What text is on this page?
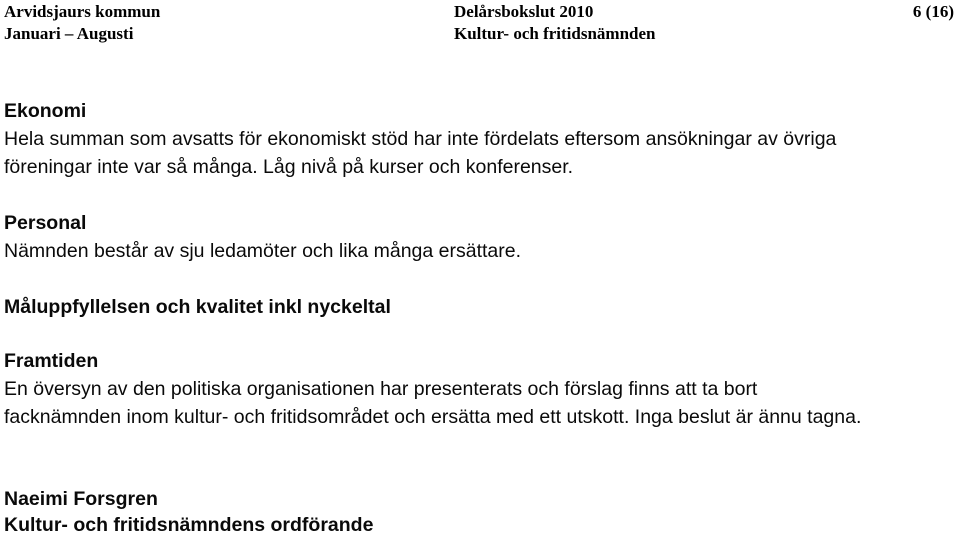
Arvidsjaurs kommun
Januari – Augusti
Delårsbokslut 2010
Kultur- och fritidsnämnden
6 (16)
Ekonomi
Hela summan som avsatts för ekonomiskt stöd har inte fördelats eftersom ansökningar av övriga
föreningar inte var så många. Låg nivå på kurser och konferenser.
Personal
Nämnden består av sju ledamöter och lika många ersättare.
Måluppfyllelsen och kvalitet inkl nyckeltal
Framtiden
En översyn av den politiska organisationen har presenterats och förslag finns att ta bort
facknämnden inom kultur- och fritidsområdet och ersätta med ett utskott. Inga beslut är ännu tagna.
Naeimi Forsgren
Kultur- och fritidsnämndens ordförande
